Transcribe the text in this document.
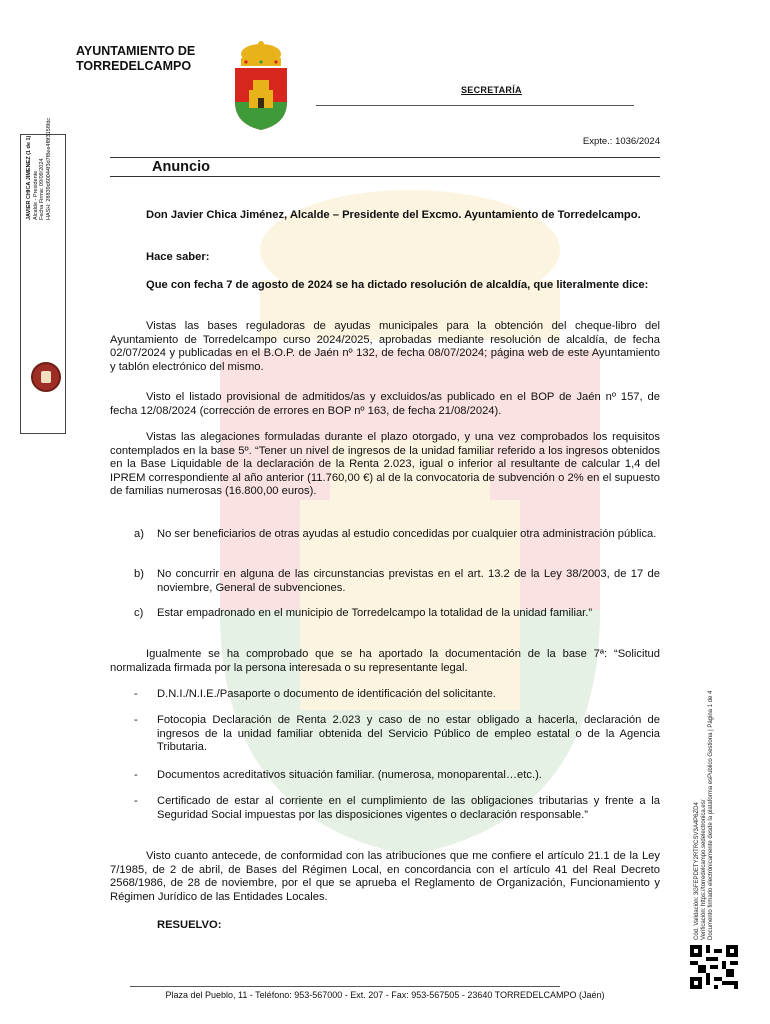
AYUNTAMIENTO DE
TORREDELCAMPO
SECRETARÍA
Expte.: 1036/2024
Anuncio
JAVIER CHICA JIMENEZ (1 de 1) Alcalde - Presidente Fecha Firma: 09/09/2024 HASH: 28839d60044f3d7f8ee4f8f3158fdc
Cód. Validación: 3GFEPDETY2RTRCSV3A4P6ZD4 Verificación: https://torredelcampo.sedelectronica.es/ Documento firmado electrónicamente desde la plataforma esPublico Gestiona | Página 1 de 4
Don Javier Chica Jiménez, Alcalde – Presidente del Excmo. Ayuntamiento de Torredelcampo.
Hace saber:
Que con fecha 7 de agosto de 2024 se ha dictado resolución de alcaldía, que literalmente dice:
Vistas las bases reguladoras de ayudas municipales para la obtención del cheque-libro del Ayuntamiento de Torredelcampo curso 2024/2025, aprobadas mediante resolución de alcaldía, de fecha 02/07/2024 y publicadas en el B.O.P. de Jaén nº 132, de fecha 08/07/2024; página web de este Ayuntamiento y tablón electrónico del mismo.
Visto el listado provisional de admitidos/as y excluidos/as publicado en el BOP de Jaén nº 157, de fecha 12/08/2024 (corrección de errores en BOP nº 163, de fecha 21/08/2024).
Vistas las alegaciones formuladas durante el plazo otorgado, y una vez comprobados los requisitos contemplados en la base 5º. “Tener un nivel de ingresos de la unidad familiar referido a los ingresos obtenidos en la Base Liquidable de la declaración de la Renta 2.023, igual o inferior al resultante de calcular 1,4 del IPREM correspondiente al año anterior (11.760,00 €) al de la convocatoria de subvención o 2% en el supuesto de familias numerosas (16.800,00 euros).
a) No ser beneficiarios de otras ayudas al estudio concedidas por cualquier otra administración pública.
b) No concurrir en alguna de las circunstancias previstas en el art. 13.2 de la Ley 38/2003, de 17 de noviembre, General de subvenciones.
c) Estar empadronado en el municipio de Torredelcampo la totalidad de la unidad familiar.”
Igualmente se ha comprobado que se ha aportado la documentación de la base 7ª: “Solicitud normalizada firmada por la persona interesada o su representante legal.
- D.N.I./N.I.E./Pasaporte o documento de identificación del solicitante.
- Fotocopia Declaración de Renta 2.023 y caso de no estar obligado a hacerla, declaración de ingresos de la unidad familiar obtenida del Servicio Público de empleo estatal o de la Agencia Tributaria.
- Documentos acreditativos situación familiar. (numerosa, monoparental…etc.).
- Certificado de estar al corriente en el cumplimiento de las obligaciones tributarias y frente a la Seguridad Social impuestas por las disposiciones vigentes o declaración responsable.”
Visto cuanto antecede, de conformidad con las atribuciones que me confiere el artículo 21.1 de la Ley 7/1985, de 2 de abril, de Bases del Régimen Local, en concordancia con el artículo 41 del Real Decreto 2568/1986, de 28 de noviembre, por el que se aprueba el Reglamento de Organización, Funcionamiento y Régimen Jurídico de las Entidades Locales.
RESUELVO:
Plaza del Pueblo, 11 - Teléfono: 953-567000 - Ext. 207 - Fax: 953-567505 - 23640 TORREDELCAMPO (Jaén)
